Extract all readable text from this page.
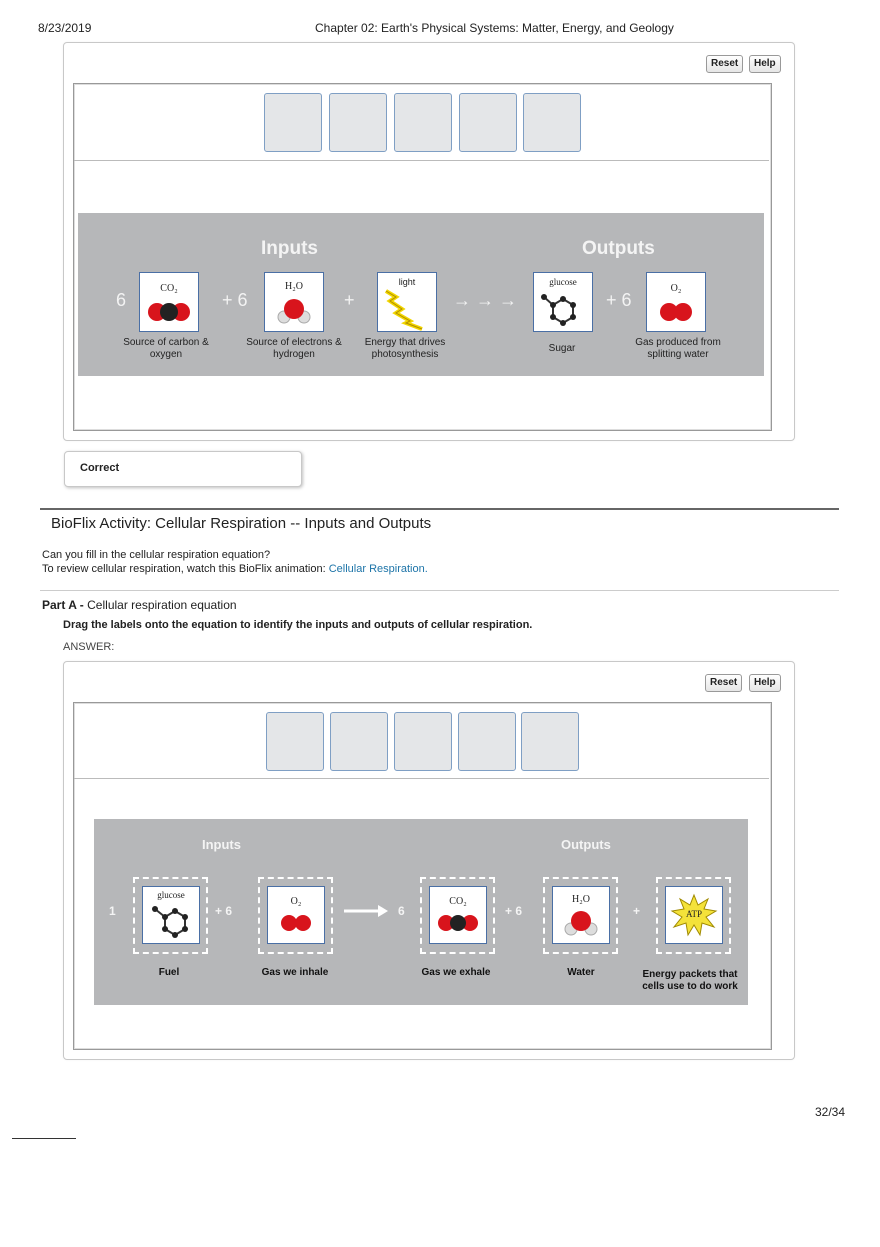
8/23/2019	Chapter 02: Earth's Physical Systems: Matter, Energy, and Geology
Reset	Help
Inputs	Outputs
6	+ 6	+	→ → →	+ 6
CO₂	H₂O	light	glucose
O₂
Source of carbon & oxygen
Source of electrons & hydrogen
Energy that drives photosynthesis
Sugar
Gas produced from splitting water
Correct
BioFlix Activity: Cellular Respiration -- Inputs and Outputs
Can you fill in the cellular respiration equation?
To review cellular respiration, watch this BioFlix animation: Cellular Respiration.
Part A - Cellular respiration equation
Drag the labels onto the equation to identify the inputs and outputs of cellular respiration.
ANSWER:
Reset	Help
Inputs	Outputs
1	+ 6	6	+ 6	+
glucose
O₂	CO₂	H₂O
ATP
Fuel	Gas we inhale	Gas we exhale	Water	Energy packets that cells use to do work
32/34
